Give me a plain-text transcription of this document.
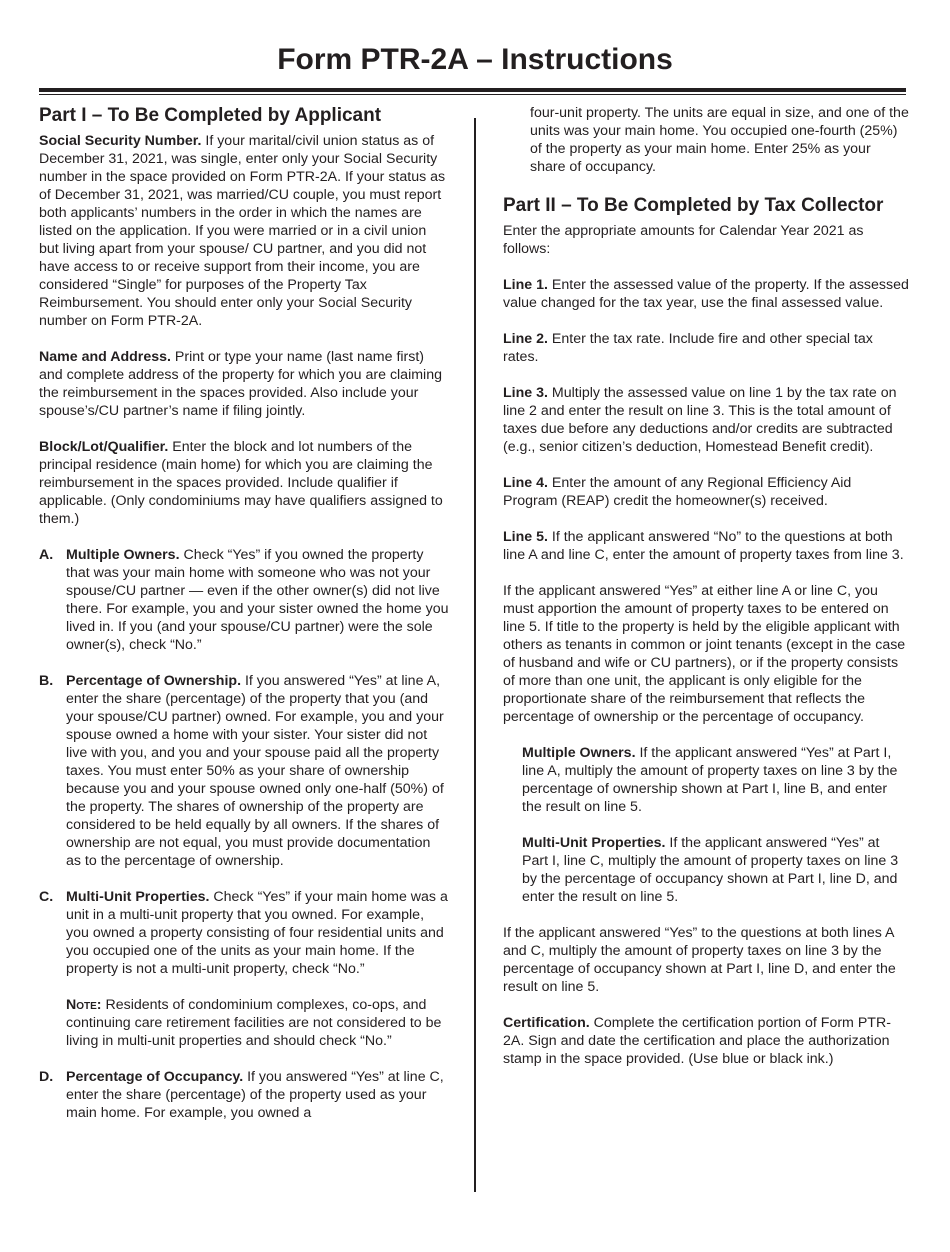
Form PTR-2A – Instructions
Part I – To Be Completed by Applicant

Social Security Number. If your marital/civil union status as of December 31, 2021, was single, enter only your Social Security number in the space provided on Form PTR-2A. If your status as of December 31, 2021, was married/CU couple, you must report both applicants’ numbers in the order in which the names are listed on the application. If you were married or in a civil union but living apart from your spouse/ CU partner, and you did not have access to or receive support from their income, you are considered “Single” for purposes of the Property Tax Reimbursement. You should enter only your Social Security number on Form PTR-2A.

Name and Address. Print or type your name (last name first) and complete address of the property for which you are claiming the reimbursement in the spaces provided. Also include your spouse’s/CU partner’s name if filing jointly.

Block/Lot/Qualifier. Enter the block and lot numbers of the principal residence (main home) for which you are claiming the reimbursement in the spaces provided. Include qualifier if applicable. (Only condominiums may have qualifiers assigned to them.)

A. Multiple Owners. Check “Yes” if you owned the property that was your main home with someone who was not your spouse/CU partner — even if the other owner(s) did not live there. For example, you and your sister owned the home you lived in. If you (and your spouse/CU partner) were the sole owner(s), check “No.”
B. Percentage of Ownership. If you answered “Yes” at line A, enter the share (percentage) of the property that you (and your spouse/CU partner) owned. For example, you and your spouse owned a home with your sister. Your sister did not live with you, and you and your spouse paid all the property taxes. You must enter 50% as your share of ownership because you and your spouse owned only one-half (50%) of the property. The shares of ownership of the property are considered to be held equally by all owners. If the shares of ownership are not equal, you must provide documentation as to the percentage of ownership.
C. Multi-Unit Properties. Check “Yes” if your main home was a unit in a multi-unit property that you owned. For example, you owned a property consisting of four residential units and you occupied one of the units as your main home. If the property is not a multi-unit property, check “No.”

Note: Residents of condominium complexes, co-ops, and continuing care retirement facilities are not considered to be living in multi-unit properties and should check “No.”

D. Percentage of Occupancy. If you answered “Yes” at line C, enter the share (percentage) of the property used as your main home. For example, you owned a

four-unit property. The units are equal in size, and one of the units was your main home. You occupied one-fourth (25%) of the property as your main home. Enter 25% as your share of occupancy.

Part II – To Be Completed by Tax Collector

Enter the appropriate amounts for Calendar Year 2021 as follows:

Line 1. Enter the assessed value of the property. If the assessed value changed for the tax year, use the final assessed value.

Line 2. Enter the tax rate. Include fire and other special tax rates.

Line 3. Multiply the assessed value on line 1 by the tax rate on line 2 and enter the result on line 3. This is the total amount of taxes due before any deductions and/or credits are subtracted (e.g., senior citizen’s deduction, Homestead Benefit credit).

Line 4. Enter the amount of any Regional Efficiency Aid Program (REAP) credit the homeowner(s) received.

Line 5. If the applicant answered “No” to the questions at both line A and line C, enter the amount of property taxes from line 3.

If the applicant answered “Yes” at either line A or line C, you must apportion the amount of property taxes to be entered on line 5. If title to the property is held by the eligible applicant with others as tenants in common or joint tenants (except in the case of husband and wife or CU partners), or if the property consists of more than one unit, the applicant is only eligible for the proportionate share of the reimbursement that reflects the percentage of ownership or the percentage of occupancy.

Multiple Owners. If the applicant answered “Yes” at Part I, line A, multiply the amount of property taxes on line 3 by the percentage of ownership shown at Part I, line B, and enter the result on line 5.

Multi-Unit Properties. If the applicant answered “Yes” at Part I, line C, multiply the amount of property taxes on line 3 by the percentage of occupancy shown at Part I, line D, and enter the result on line 5.

If the applicant answered “Yes” to the questions at both lines A and C, multiply the amount of property taxes on line 3 by the percentage of occupancy shown at Part I, line D, and enter the result on line 5.

Certification. Complete the certification portion of Form PTR-2A. Sign and date the certification and place the authorization stamp in the space provided. (Use blue or black ink.)
